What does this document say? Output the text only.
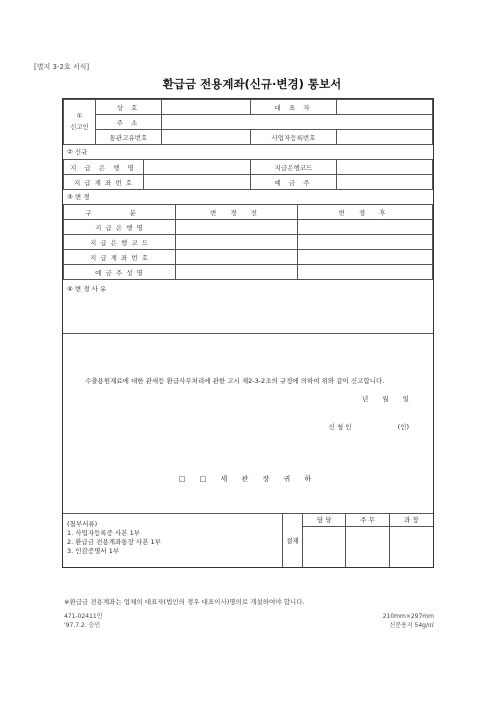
[별지 3-2호 서식]
환급금 전용계좌(신규·변경) 통보서
①
신고인	상 호		대 표 자	
	주 소			
	통관고유번호		사업자등록번호	
② 신규
지 급 은 행 명		지급은행코드	
지 급 계 좌 번 호		예 금 주	
③ 변 경
구 분	변 경 전	변 경 후
지 급 은 행 명		
지 급 은 행 코 드		
지 급 계 좌 번 호		
예 금 주 성 명		
④ 변 경 사 유
수출용원재료에 대한 관세등 환급사무처리에 관한 고시 제2-3-2조의 규정에 의하여 위와 같이 신고합니다.
년 월 일
신 청 인	(인)
□ □ 세 관 장 귀 하
(첨부서류)
1. 사업자등록증 사본 1부
2. 환급금 전용계좌통장 사본 1부
3. 인감증명서 1부
결재
담 당	주 무	과 장
※환급금 전용계좌는 업체의 대표자(법인의 경우 대표이사)명의로 개설하여야 합니다.
471-02411민
'97.7.2. 승인
210mm×297mm
신문용지 54g/㎡
